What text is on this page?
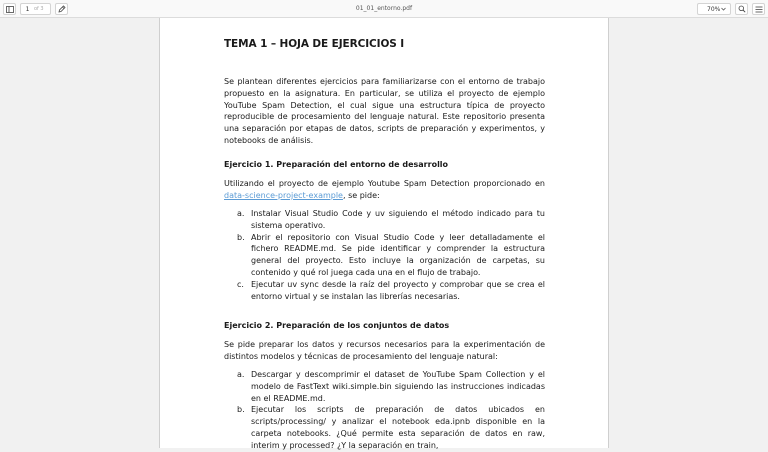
1 of 3	01_01_entorno.pdf	70%
TEMA 1 – HOJA DE EJERCICIOS I
Se plantean diferentes ejercicios para familiarizarse con el entorno de trabajo propuesto en la asignatura. En particular, se utiliza el proyecto de ejemplo YouTube Spam Detection, el cual sigue una estructura típica de proyecto reproducible de procesamiento del lenguaje natural. Este repositorio presenta una separación por etapas de datos, scripts de preparación y experimentos, y notebooks de análisis.
Ejercicio 1. Preparación del entorno de desarrollo
Utilizando el proyecto de ejemplo Youtube Spam Detection proporcionado en data-science-project-example, se pide:
a. Instalar Visual Studio Code y uv siguiendo el método indicado para tu sistema operativo.
b. Abrir el repositorio con Visual Studio Code y leer detalladamente el fichero README.md. Se pide identificar y comprender la estructura general del proyecto. Esto incluye la organización de carpetas, su contenido y qué rol juega cada una en el flujo de trabajo.
c. Ejecutar uv sync desde la raíz del proyecto y comprobar que se crea el entorno virtual y se instalan las librerías necesarias.
Ejercicio 2. Preparación de los conjuntos de datos
Se pide preparar los datos y recursos necesarios para la experimentación de distintos modelos y técnicas de procesamiento del lenguaje natural:
a. Descargar y descomprimir el dataset de YouTube Spam Collection y el modelo de FastText wiki.simple.bin siguiendo las instrucciones indicadas en el README.md.
b. Ejecutar los scripts de preparación de datos ubicados en scripts/processing/ y analizar el notebook eda.ipnb disponible en la carpeta notebooks. ¿Qué permite esta separación de datos en raw, interim y processed? ¿Y la separación en train,
